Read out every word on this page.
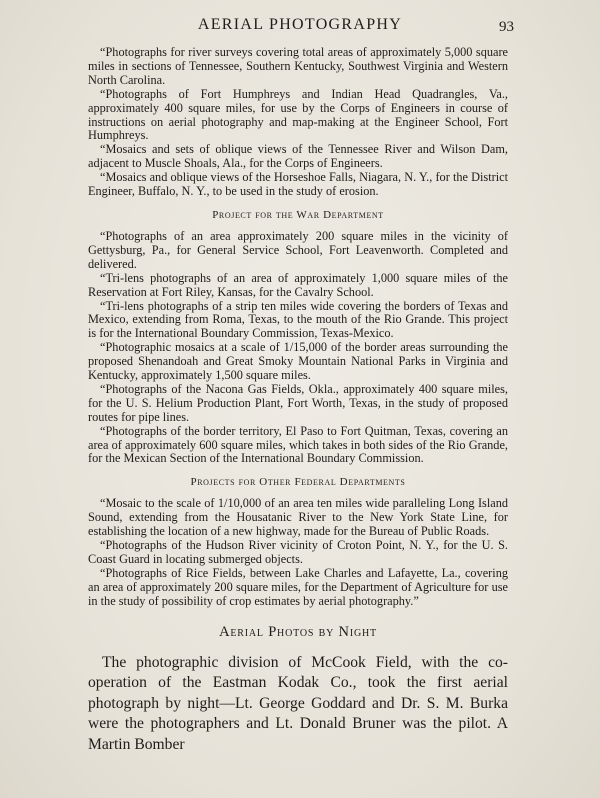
AERIAL PHOTOGRAPHY	93

“Photographs for river surveys covering total areas of approximately 5,000 square miles in sections of Tennessee, Southern Kentucky, Southwest Virginia and Western North Carolina.

“Photographs of Fort Humphreys and Indian Head Quadrangles, Va., approximately 400 square miles, for use by the Corps of Engineers in course of instructions on aerial photography and map-making at the Engineer School, Fort Humphreys.

“Mosaics and sets of oblique views of the Tennessee River and Wilson Dam, adjacent to Muscle Shoals, Ala., for the Corps of Engineers.

“Mosaics and oblique views of the Horseshoe Falls, Niagara, N. Y., for the District Engineer, Buffalo, N. Y., to be used in the study of erosion.

Project for the War Department

“Photographs of an area approximately 200 square miles in the vicinity of Gettysburg, Pa., for General Service School, Fort Leavenworth. Completed and delivered.

“Tri-lens photographs of an area of approximately 1,000 square miles of the Reservation at Fort Riley, Kansas, for the Cavalry School.

“Tri-lens photographs of a strip ten miles wide covering the borders of Texas and Mexico, extending from Roma, Texas, to the mouth of the Rio Grande. This project is for the International Boundary Commission, Texas-Mexico.

“Photographic mosaics at a scale of 1/15,000 of the border areas surrounding the proposed Shenandoah and Great Smoky Mountain National Parks in Virginia and Kentucky, approximately 1,500 square miles.

“Photographs of the Nacona Gas Fields, Okla., approximately 400 square miles, for the U. S. Helium Production Plant, Fort Worth, Texas, in the study of proposed routes for pipe lines.

“Photographs of the border territory, El Paso to Fort Quitman, Texas, covering an area of approximately 600 square miles, which takes in both sides of the Rio Grande, for the Mexican Section of the International Boundary Commission.

Projects for Other Federal Departments

“Mosaic to the scale of 1/10,000 of an area ten miles wide paralleling Long Island Sound, extending from the Housatanic River to the New York State Line, for establishing the location of a new highway, made for the Bureau of Public Roads.

“Photographs of the Hudson River vicinity of Croton Point, N. Y., for the U. S. Coast Guard in locating submerged objects.

“Photographs of Rice Fields, between Lake Charles and Lafayette, La., covering an area of approximately 200 square miles, for the Department of Agriculture for use in the study of possibility of crop estimates by aerial photography.”

Aerial Photos by Night

The photographic division of McCook Field, with the co-operation of the Eastman Kodak Co., took the first aerial photograph by night—Lt. George Goddard and Dr. S. M. Burka were the photographers and Lt. Donald Bruner was the pilot. A Martin Bomber
